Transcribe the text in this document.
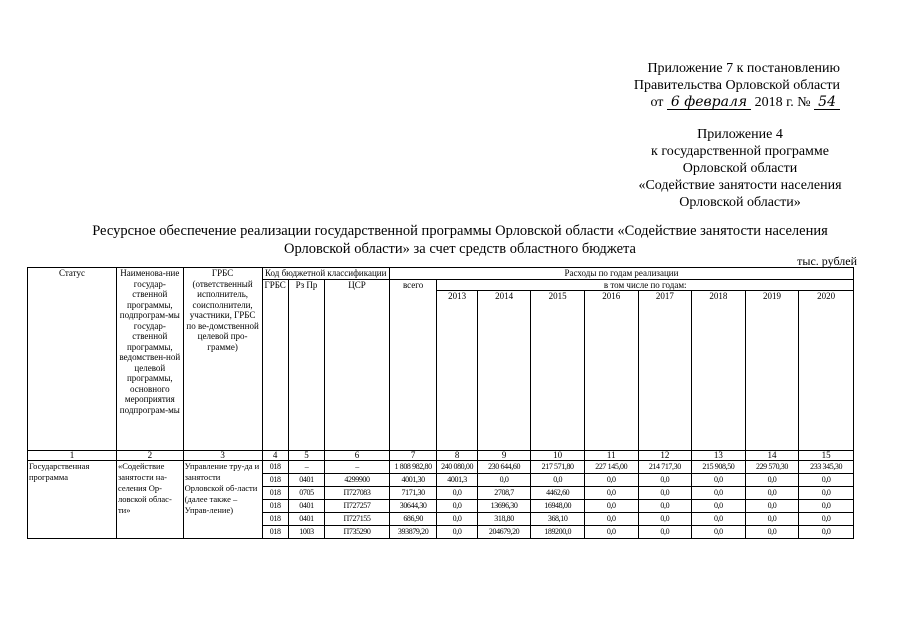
Приложение 7 к постановлению
Правительства Орловской области
от 6 февраля 2018 г. № 54
Приложение 4
к государственной программе
Орловской области
«Содействие занятости населения
Орловской области»
Ресурсное обеспечение реализации государственной программы Орловской области «Содействие занятости населения
Орловской области» за счет средств областного бюджета
тыс. рублей
Статус	Наименова-ние государ-ственной программы, подпрограм-мы государ-ственной программы, ведомствен-ной целевой программы, основного мероприятия подпрограм-мы	ГРБС (ответственный исполнитель, соисполнители, участники, ГРБС по ве-домственной целевой про-грамме)	Код бюджетной классификации			Расходы по годам реализации								
			ГРБС	Рз Пр	ЦСР	всего	в том числе по годам:							
							2013	2014	2015	2016	2017	2018	2019	2020
1	2	3	4	5	6	7	8	9	10	11	12	13	14	15
Государственная программа	«Содействие занятости на-селения Ор-ловской облас-ти»	Управление тру-да и занятости Орловской об-ласти (далее также – Управ-ление)	018	–	–	1 808 982,80	240 080,00	230 644,60	217 571,80	227 145,00	214 717,30	215 908,50	229 570,30	233 345,30
			018	0401	4299900	4001,30	4001,3	0,0	0,0	0,0	0,0	0,0	0,0	0,0
			018	0705	П727083	7171,30	0,0	2708,7	4462,60	0,0	0,0	0,0	0,0	0,0
			018	0401	П727257	30644,30	0,0	13696,30	16948,00	0,0	0,0	0,0	0,0	0,0
			018	0401	П727155	686,90	0,0	318,80	368,10	0,0	0,0	0,0	0,0	0,0
			018	1003	П735290	393879,20	0,0	204679,20	189200,0	0,0	0,0	0,0	0,0	0,0
